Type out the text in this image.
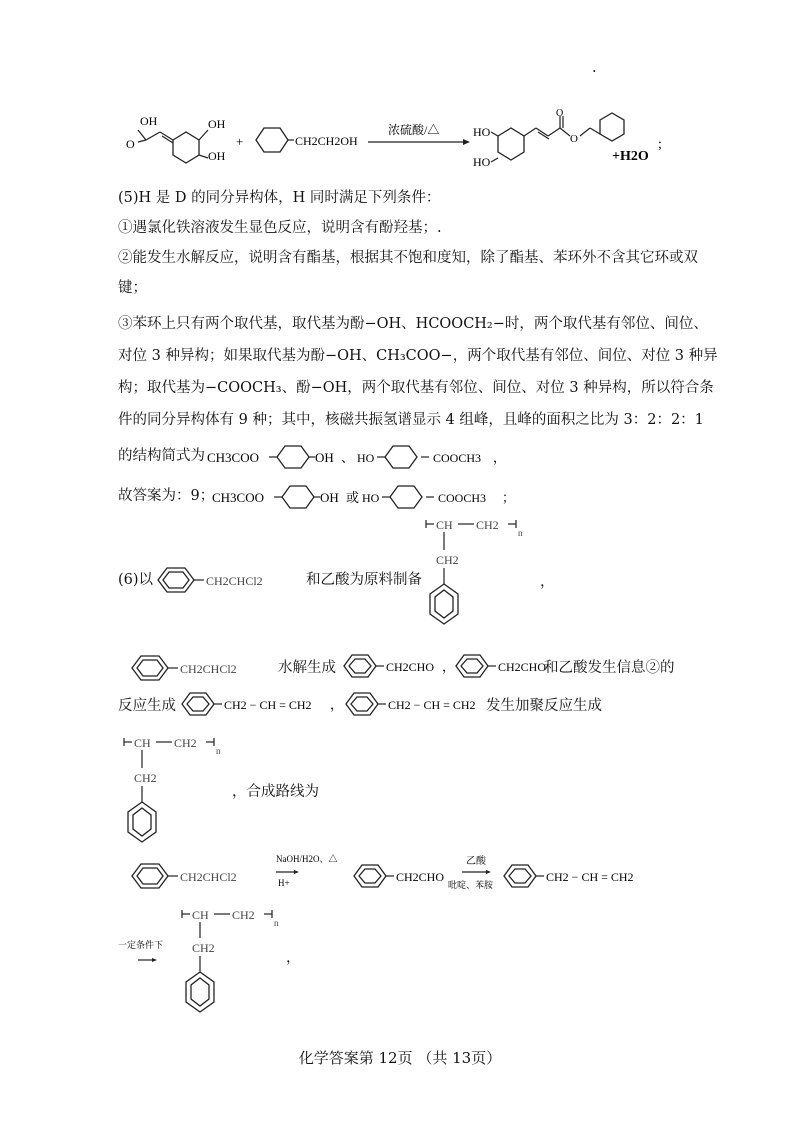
.
OH
O
OH
OH
+	CH2CH2OH
浓硫酸/△	HO
HO
O
O
+H2O
;
(5)H 是 D 的同分异构体，H 同时满足下列条件：
①遇氯化铁溶液发生显色反应，说明含有酚羟基；.
②能发生水解反应，说明含有酯基，根据其不饱和度知，除了酯基、苯环外不含其它环或双
键；
③苯环上只有两个取代基，取代基为酚−OH、HCOOCH₂−时，两个取代基有邻位、间位、
对位 3 种异构；如果取代基为酚−OH、CH₃COO−，两个取代基有邻位、间位、对位 3 种异
构；取代基为−COOCH₃、酚−OH，两个取代基有邻位、间位、对位 3 种异构，所以符合条
件的同分异构体有 9 种；其中，核磁共振氢谱显示 4 组峰，且峰的面积之比为 3：2：2：1
的结构简式为 CH3COO	OH 、 HO	COOCH3 ，
故答案为：9；
CH3COO	OH 或 HO	COOCH3 ；
(6)以	CH2CHCl2	和乙酸为原料制备
CH CH2
n
CH2
，
CH2CHCl2	水解生成	CH2CHO ，	CH2CHO
和乙酸发生信息②的
反应生成	CH2 − CH = CH2 ，	CH2 − CH = CH2 发生加聚反应生成
CH CH2
n
CH2
，合成路线为
CH2CHCl2
NaOH/H2O、△
H+	CH2CHO
乙酸
吡啶、苯胺
CH2 − CH = CH2
一定条件下
CH CH2
n
CH2
，
化学答案第 12页 （共 13页）
